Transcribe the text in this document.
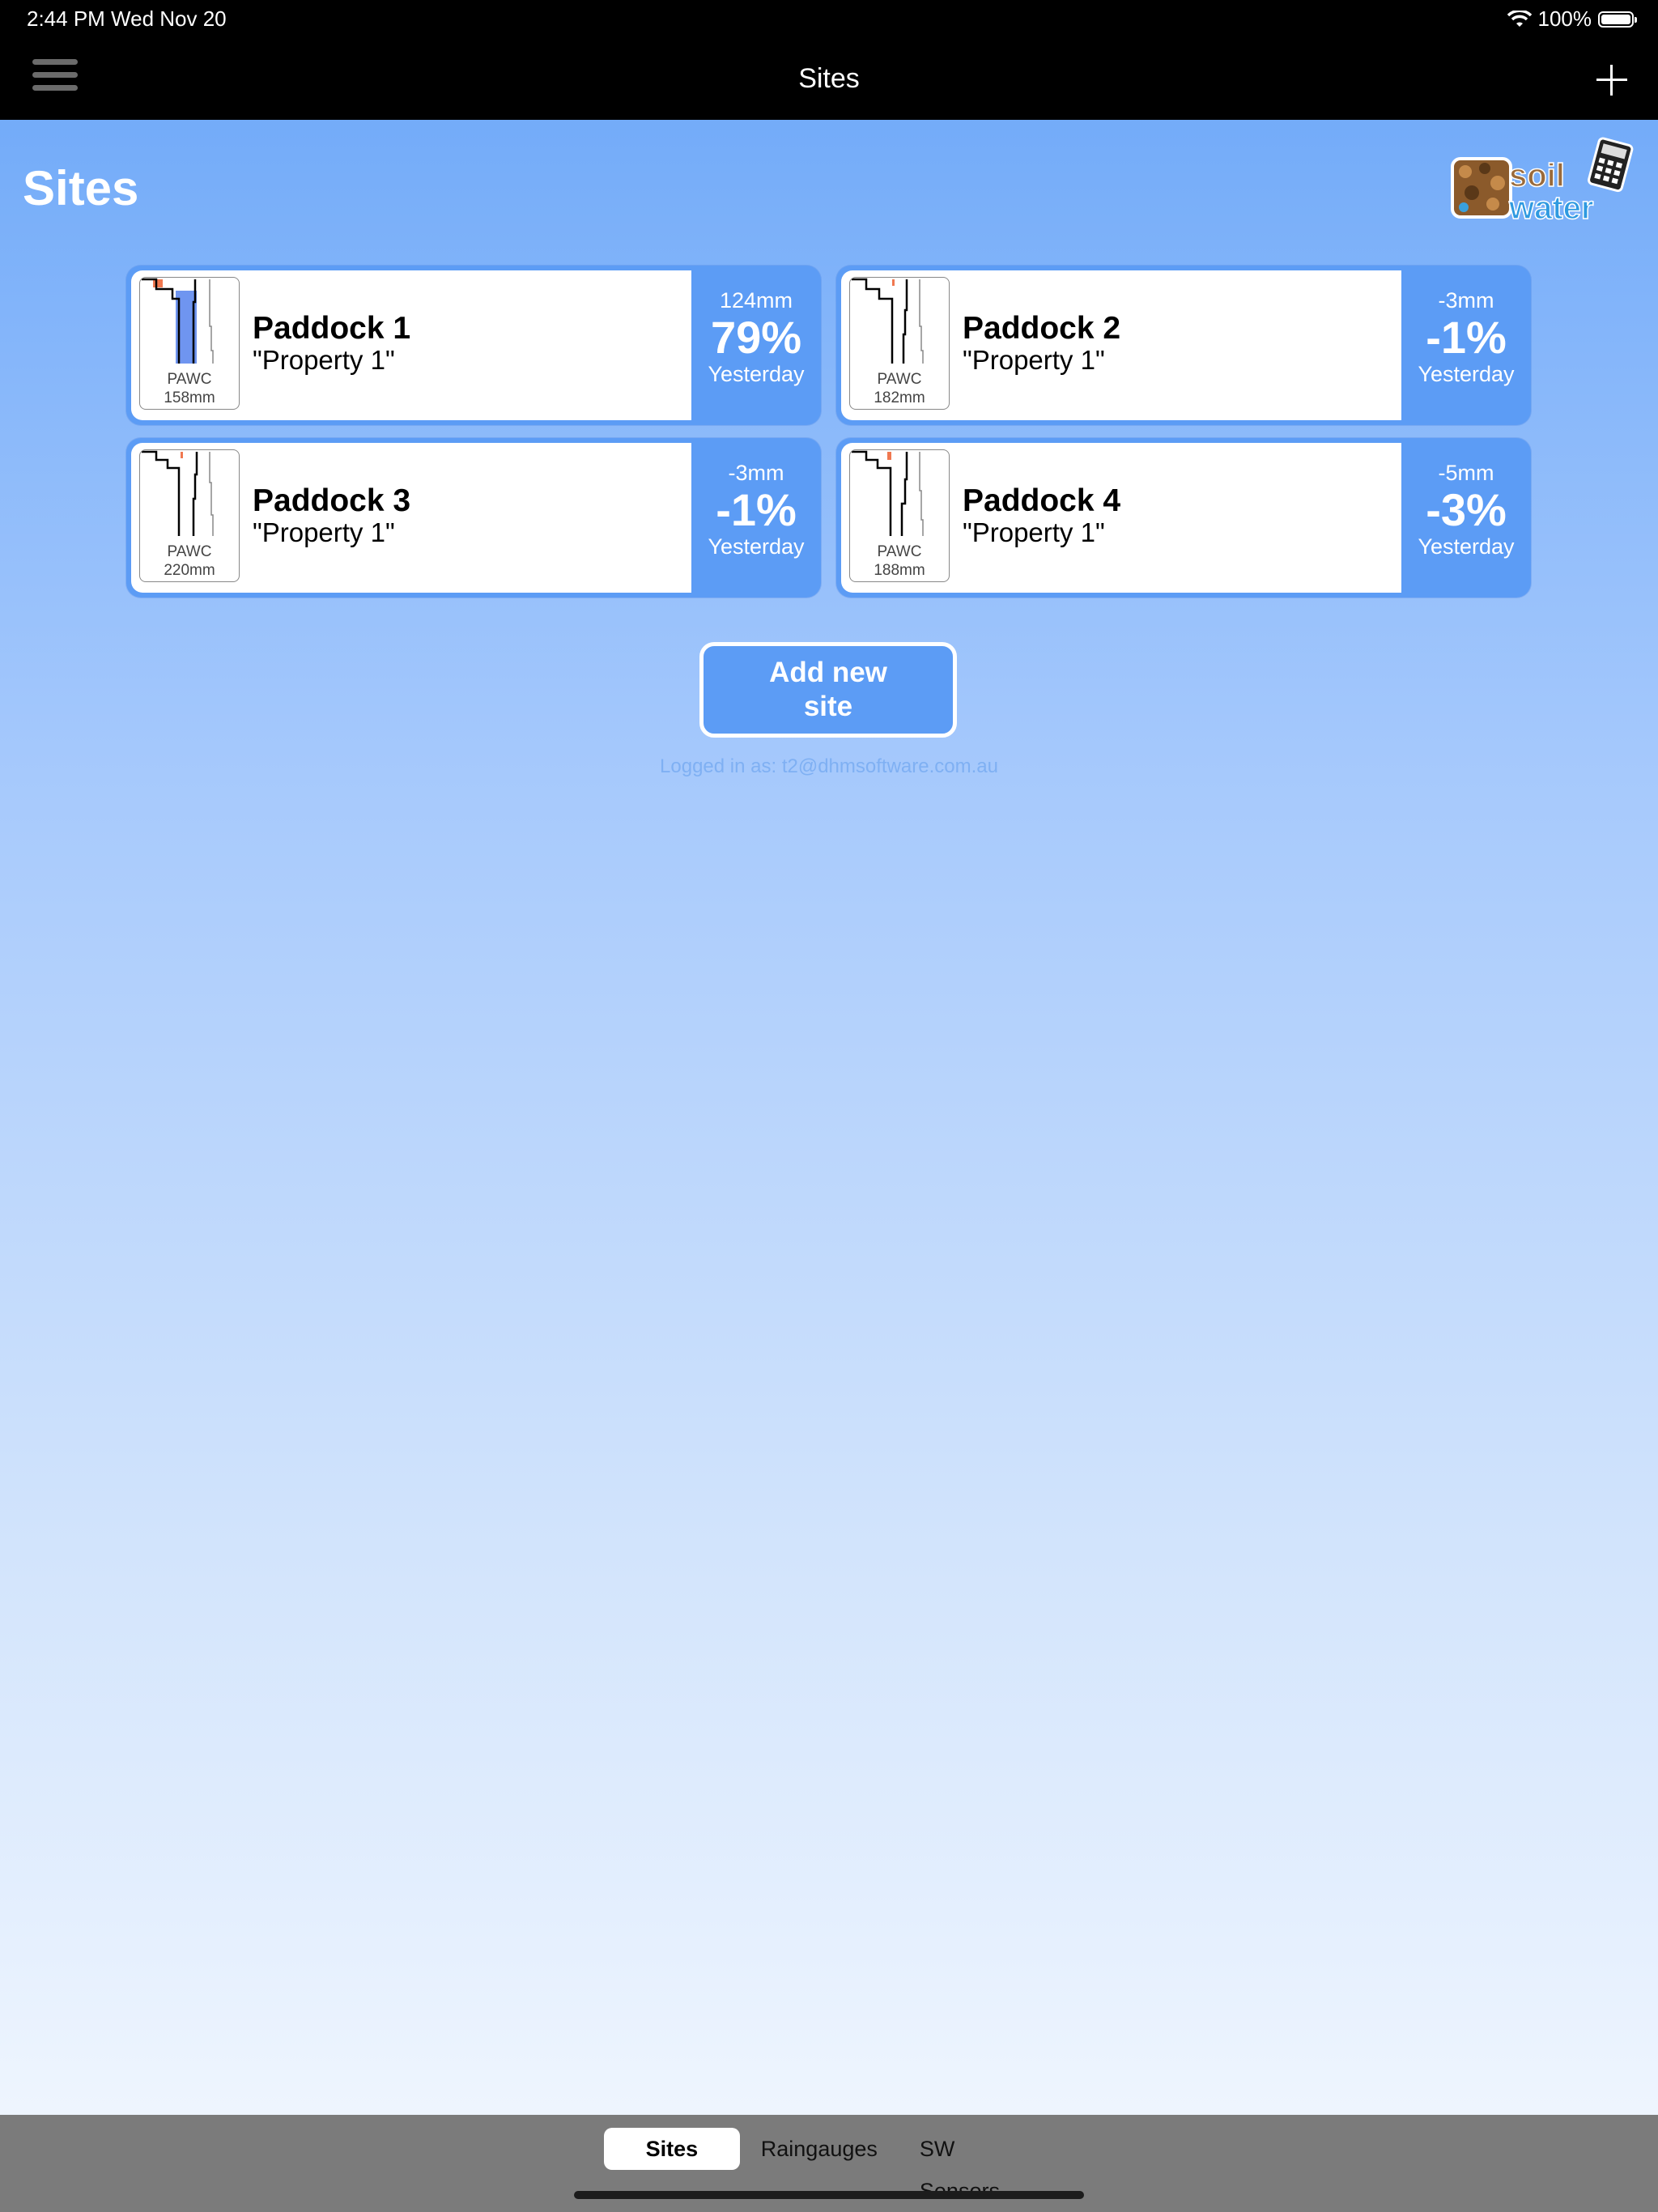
2:44 PM Wed Nov 20	100%
Sites
Sites	soil
water
PAWC
158mm
Paddock 1
"Property 1"
124mm
79%
Yesterday	PAWC
182mm
Paddock 2
"Property 1"
-3mm
-1%
Yesterday
PAWC
220mm
Paddock 3
"Property 1"
-3mm
-1%
Yesterday	PAWC
188mm
Paddock 4
"Property 1"
-5mm
-3%
Yesterday
Add new
site
Logged in as: t2@dhmsoftware.com.au
Sites	Raingauges	SW
